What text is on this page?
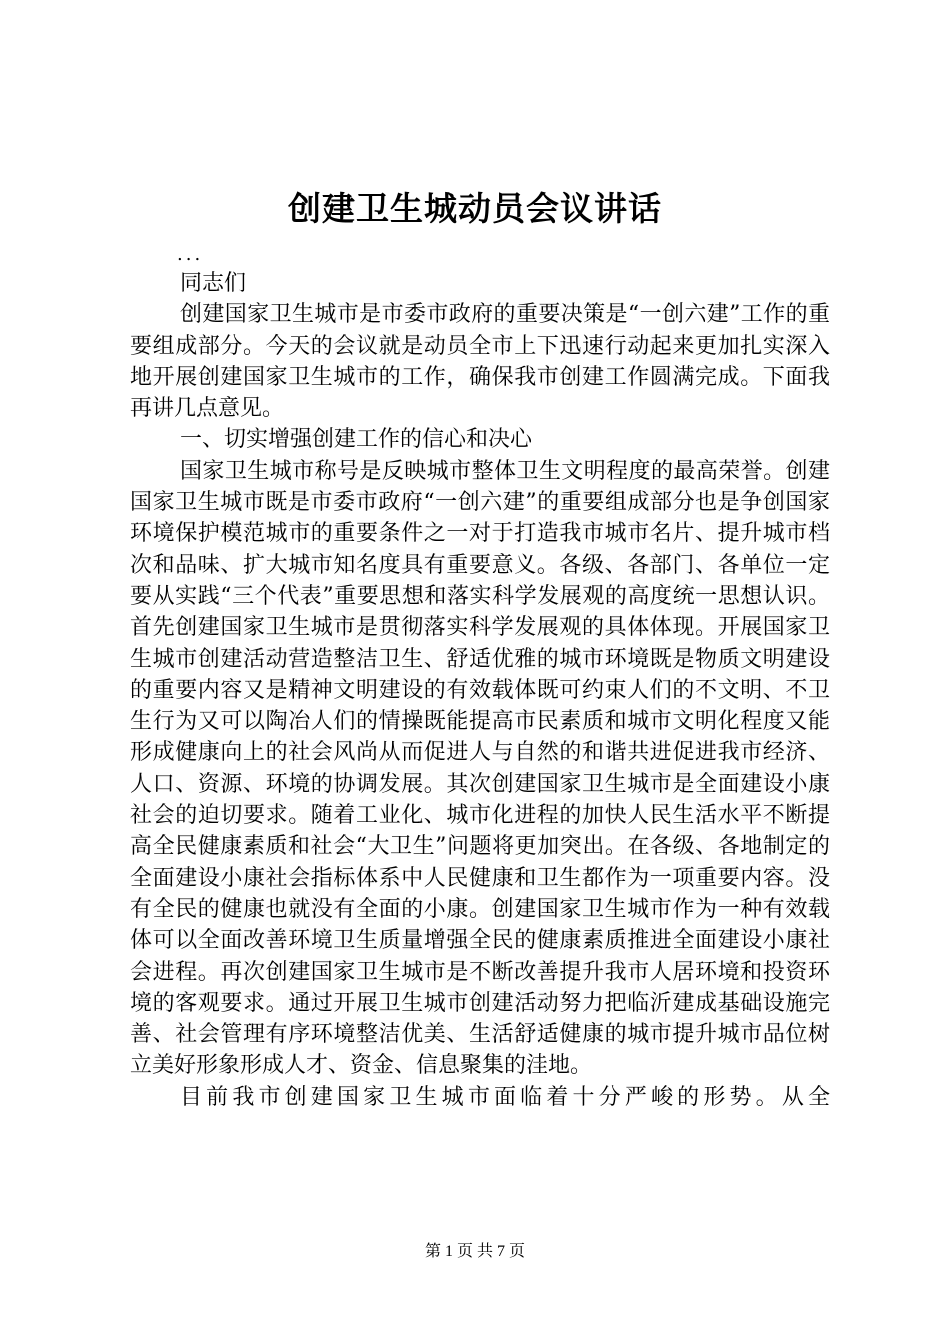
创建卫生城动员会议讲话
...

同志们

创建国家卫生城市是市委市政府的重要决策是“一创六建”工作的重要组成部分。今天的会议就是动员全市上下迅速行动起来更加扎实深入地开展创建国家卫生城市的工作，确保我市创建工作圆满完成。下面我再讲几点意见。

一、切实增强创建工作的信心和决心

国家卫生城市称号是反映城市整体卫生文明程度的最高荣誉。创建国家卫生城市既是市委市政府“一创六建”的重要组成部分也是争创国家环境保护模范城市的重要条件之一对于打造我市城市名片、提升城市档次和品味、扩大城市知名度具有重要意义。各级、各部门、各单位一定要从实践“三个代表”重要思想和落实科学发展观的高度统一思想认识。首先创建国家卫生城市是贯彻落实科学发展观的具体体现。开展国家卫生城市创建活动营造整洁卫生、舒适优雅的城市环境既是物质文明建设的重要内容又是精神文明建设的有效载体既可约束人们的不文明、不卫生行为又可以陶冶人们的情操既能提高市民素质和城市文明化程度又能形成健康向上的社会风尚从而促进人与自然的和谐共进促进我市经济、人口、资源、环境的协调发展。其次创建国家卫生城市是全面建设小康社会的迫切要求。随着工业化、城市化进程的加快人民生活水平不断提高全民健康素质和社会“大卫生”问题将更加突出。在各级、各地制定的全面建设小康社会指标体系中人民健康和卫生都作为一项重要内容。没有全民的健康也就没有全面的小康。创建国家卫生城市作为一种有效载体可以全面改善环境卫生质量增强全民的健康素质推进全面建设小康社会进程。再次创建国家卫生城市是不断改善提升我市人居环境和投资环境的客观要求。通过开展卫生城市创建活动努力把临沂建成基础设施完善、社会管理有序环境整洁优美、生活舒适健康的城市提升城市品位树立美好形象形成人才、资金、信息聚集的洼地。

目前我市创建国家卫生城市面临着十分严峻的形势。从全

第 1 页 共 7 页
